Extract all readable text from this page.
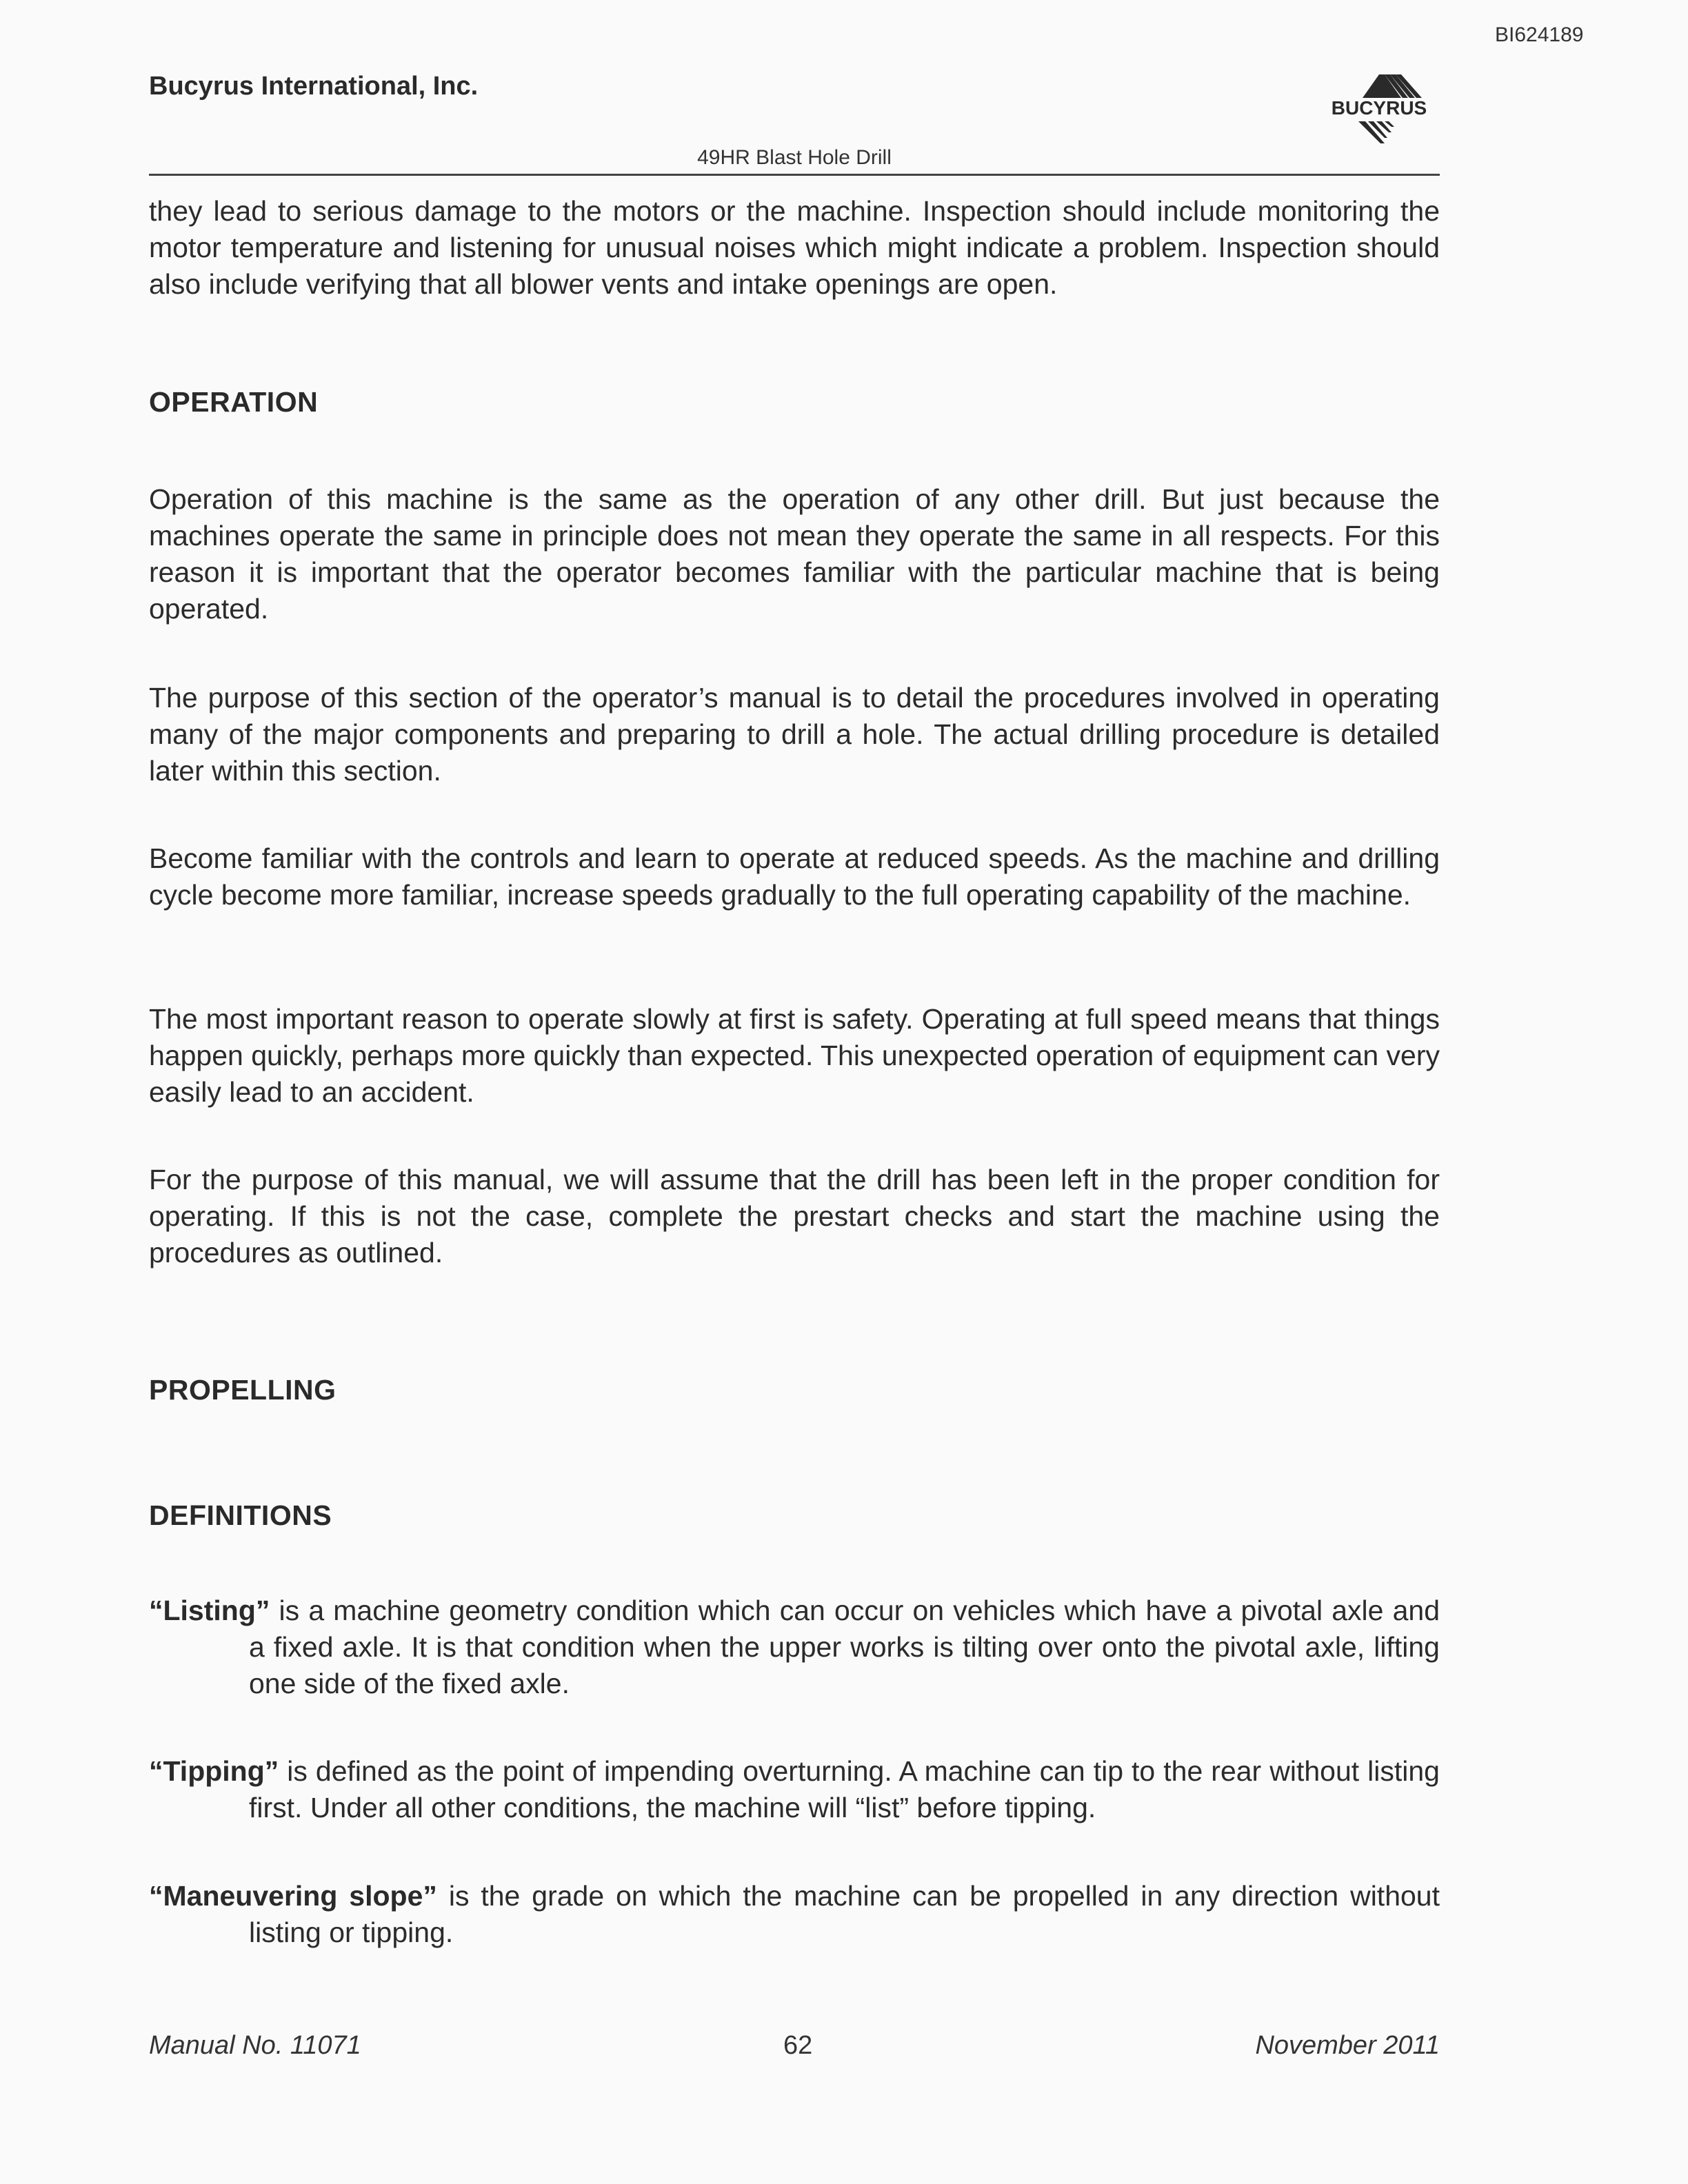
BI624189
Bucyrus International, Inc.
BUCYRUS
49HR Blast Hole Drill
they lead to serious damage to the motors or the machine. Inspection should include monitoring the motor temperature and listening for unusual noises which might indicate a problem. Inspection should also include verifying that all blower vents and intake openings are open.
OPERATION
Operation of this machine is the same as the operation of any other drill. But just because the machines operate the same in principle does not mean they operate the same in all respects. For this reason it is important that the operator becomes familiar with the particular machine that is being operated.
The purpose of this section of the operator’s manual is to detail the procedures involved in operating many of the major components and preparing to drill a hole. The actual drilling procedure is detailed later within this section.
Become familiar with the controls and learn to operate at reduced speeds. As the machine and drilling cycle become more familiar, increase speeds gradually to the full operating capability of the machine.
The most important reason to operate slowly at first is safety. Operating at full speed means that things happen quickly, perhaps more quickly than expected. This unexpected operation of equipment can very easily lead to an accident.
For the purpose of this manual, we will assume that the drill has been left in the proper condition for operating. If this is not the case, complete the prestart checks and start the machine using the procedures as outlined.
PROPELLING
DEFINITIONS
“Listing” is a machine geometry condition which can occur on vehicles which have a pivotal axle and a fixed axle. It is that condition when the upper works is tilting over onto the pivotal axle, lifting one side of the fixed axle.
“Tipping” is defined as the point of impending overturning. A machine can tip to the rear without listing first. Under all other conditions, the machine will “list” before tipping.
“Maneuvering slope” is the grade on which the machine can be propelled in any direction without listing or tipping.
Manual No. 11071	62	November 2011
